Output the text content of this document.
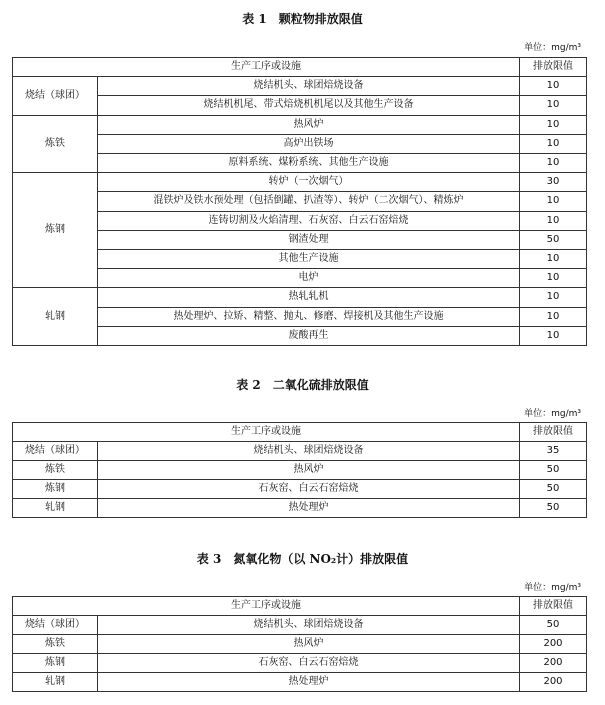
表 1　颗粒物排放限值
单位：mg/m³
生产工序或设施		排放限值
烧结（球团）	烧结机头、球团焙烧设备	10
	烧结机机尾、带式焙烧机机尾以及其他生产设备	10
炼铁	热风炉	10
	高炉出铁场	10
	原料系统、煤粉系统、其他生产设施	10
炼钢	转炉（一次烟气）	30
	混铁炉及铁水预处理（包括倒罐、扒渣等）、转炉（二次烟气）、精炼炉	10
	连铸切割及火焰清理、石灰窑、白云石窑焙烧	10
	钢渣处理	50
	其他生产设施	10
	电炉	10
轧钢	热轧轧机	10
	热处理炉、拉矫、精整、抛丸、修磨、焊接机及其他生产设施	10
	废酸再生	10
表 2　二氧化硫排放限值
单位：mg/m³
生产工序或设施		排放限值
烧结（球团）	烧结机头、球团焙烧设备	35
炼铁	热风炉	50
炼钢	石灰窑、白云石窑焙烧	50
轧钢	热处理炉	50
表 3　氮氧化物（以 NO₂计）排放限值
单位：mg/m³
生产工序或设施		排放限值
烧结（球团）	烧结机头、球团焙烧设备	50
炼铁	热风炉	200
炼钢	石灰窑、白云石窑焙烧	200
轧钢	热处理炉	200
